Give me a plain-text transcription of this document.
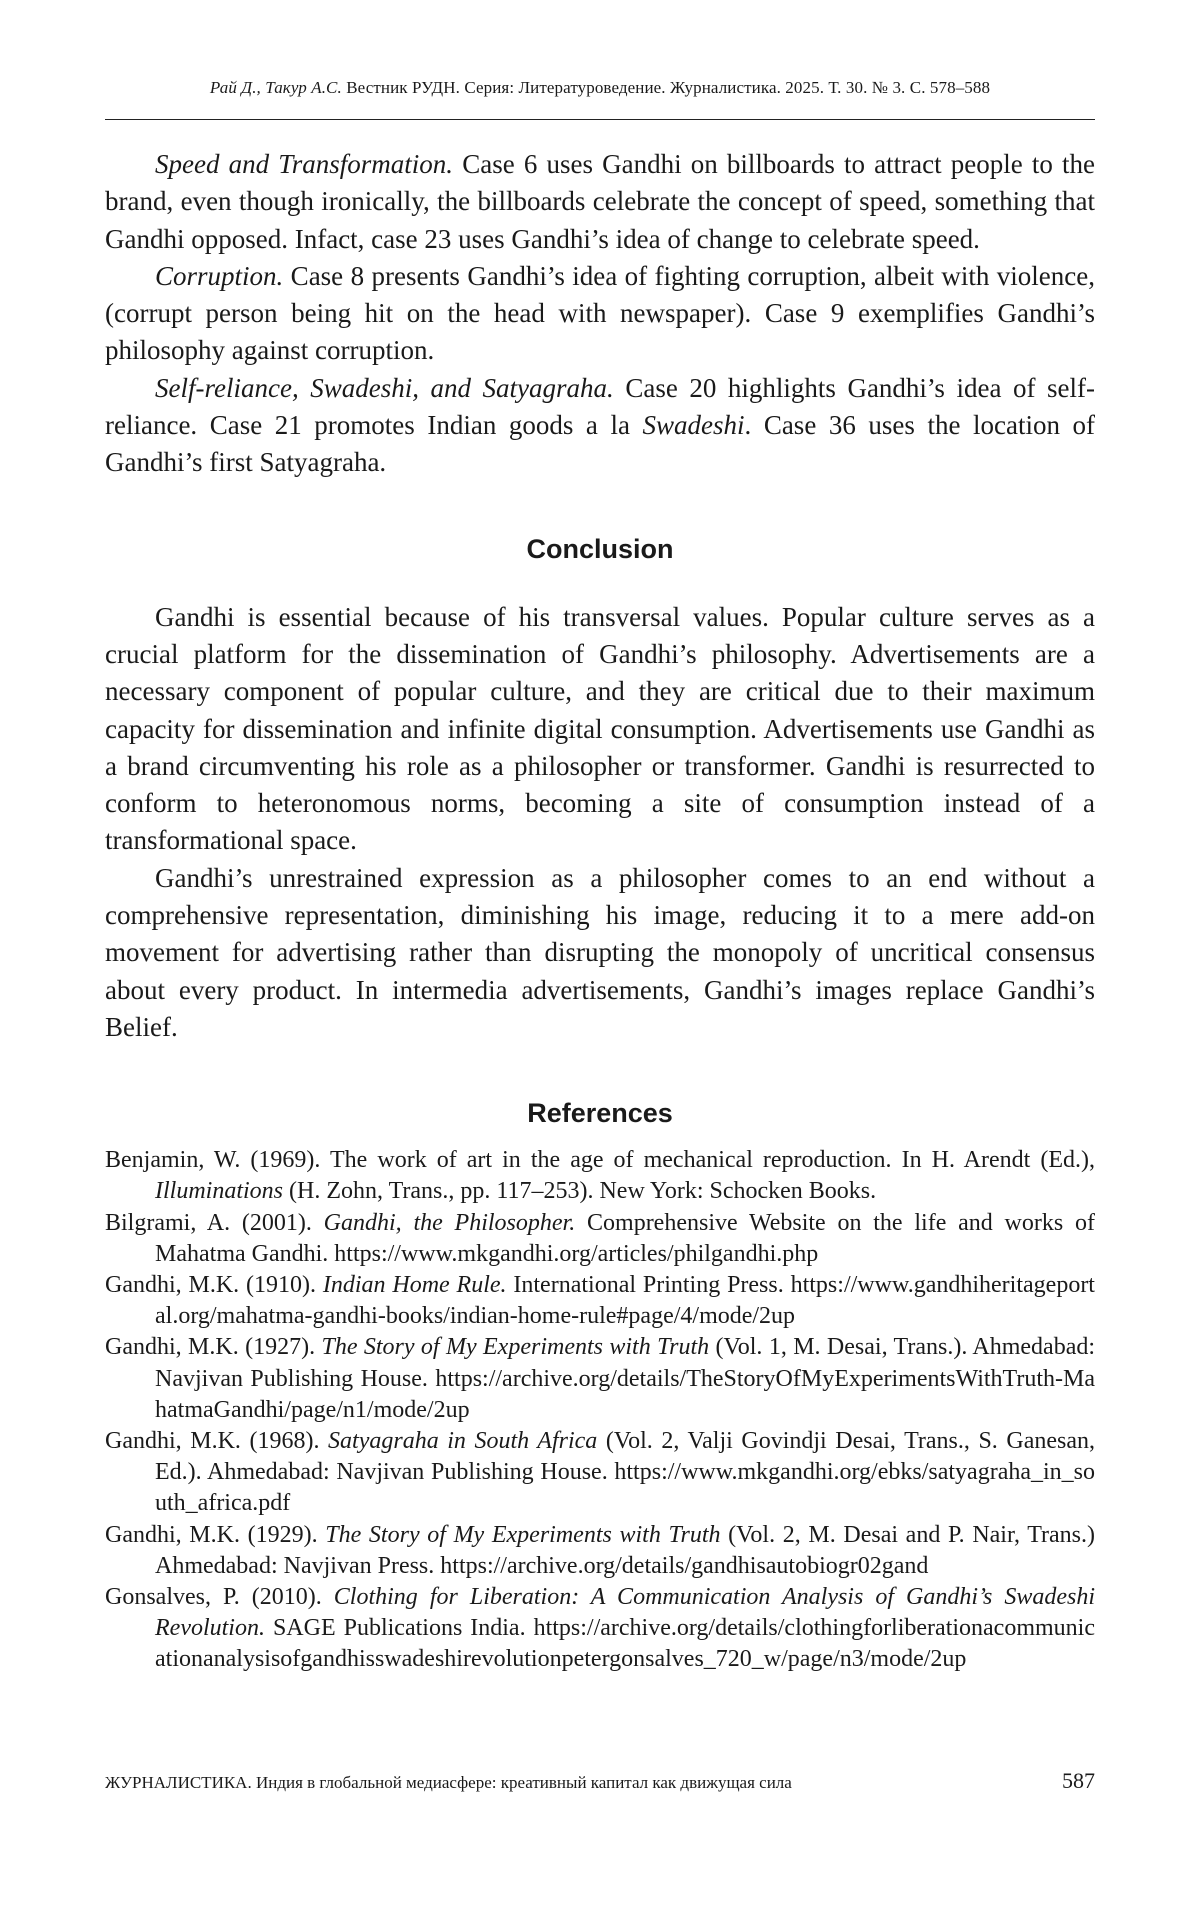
Рай Д., Такур А.С. Вестник РУДН. Серия: Литературоведение. Журналистика. 2025. Т. 30. № 3. С. 578–588

Speed and Transformation. Case 6 uses Gandhi on billboards to attract people to the brand, even though ironically, the billboards celebrate the concept of speed, something that Gandhi opposed. Infact, case 23 uses Gandhi’s idea of change to celebrate speed.

Corruption. Case 8 presents Gandhi’s idea of fighting corruption, albeit with violence, (corrupt person being hit on the head with newspaper). Case 9 exemplifies Gandhi’s philosophy against corruption.

Self-reliance, Swadeshi, and Satyagraha. Case 20 highlights Gandhi’s idea of self-reliance. Case 21 promotes Indian goods a la Swadeshi. Case 36 uses the location of Gandhi’s first Satyagraha.

Conclusion

Gandhi is essential because of his transversal values. Popular culture serves as a crucial platform for the dissemination of Gandhi’s philosophy. Advertisements are a necessary component of popular culture, and they are critical due to their maximum capacity for dissemination and infinite digital consumption. Advertisements use Gandhi as a brand circumventing his role as a philosopher or transformer. Gandhi is resurrected to conform to heteronomous norms, becoming a site of consumption instead of a transformational space.

Gandhi’s unrestrained expression as a philosopher comes to an end without a comprehensive representation, diminishing his image, reducing it to a mere add-on movement for advertising rather than disrupting the monopoly of uncritical consensus about every product. In intermedia advertisements, Gandhi’s images replace Gandhi’s Belief.

References

Benjamin, W. (1969). The work of art in the age of mechanical reproduction. In H. Arendt (Ed.), Illuminations (H. Zohn, Trans., pp. 117–253). New York: Schocken Books.

Bilgrami, A. (2001). Gandhi, the Philosopher. Comprehensive Website on the life and works of Mahatma Gandhi. https://www.mkgandhi.org/articles/philgandhi.php

Gandhi, M.K. (1910). Indian Home Rule. International Printing Press. https://www.gandhiheritageportal.org/mahatma-gandhi-books/indian-home-rule#page/4/mode/2up

Gandhi, M.K. (1927). The Story of My Experiments with Truth (Vol. 1, M. Desai, Trans.). Ahmedabad: Navjivan Publishing House. https://archive.org/details/TheStoryOfMyExperimentsWithTruth-MahatmaGandhi/page/n1/mode/2up

Gandhi, M.K. (1968). Satyagraha in South Africa (Vol. 2, Valji Govindji Desai, Trans., S. Ganesan, Ed.). Ahmedabad: Navjivan Publishing House. https://www.mkgandhi.org/ebks/satyagraha_in_south_africa.pdf

Gandhi, M.K. (1929). The Story of My Experiments with Truth (Vol. 2, M. Desai and P. Nair, Trans.) Ahmedabad: Navjivan Press. https://archive.org/details/gandhisautobiogr02gand

Gonsalves, P. (2010). Clothing for Liberation: A Communication Analysis of Gandhi’s Swadeshi Revolution. SAGE Publications India. https://archive.org/details/clothingforliberationacommunicationanalysisofgandhisswadeshirevolutionpetergonsalves_720_w/page/n3/mode/2up

ЖУРНАЛИСТИКА. Индия в глобальной медиасфере: креативный капитал как движущая сила	587
